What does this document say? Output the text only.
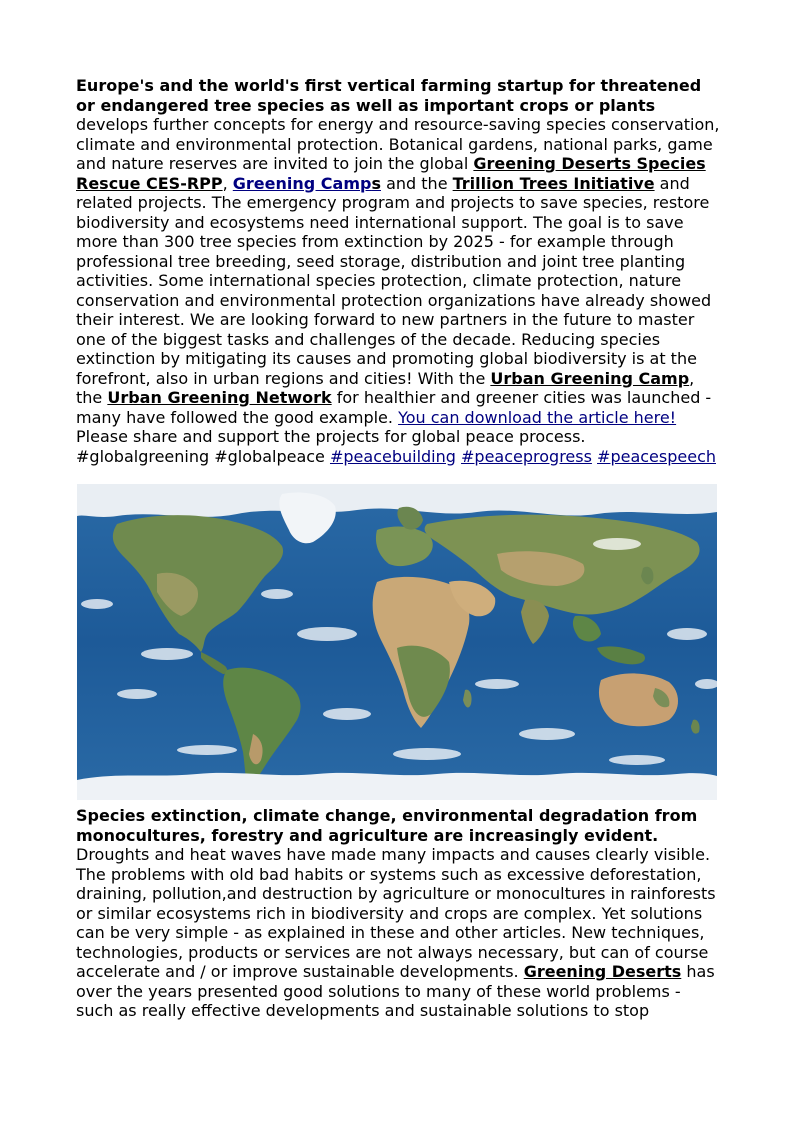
Europe's and the world's first vertical farming startup for threatened or endangered tree species as well as important crops or plants develops further concepts for energy and resource-saving species conservation, climate and environmental protection. Botanical gardens, national parks, game and nature reserves are invited to join the global Greening Deserts Species Rescue CES-RPP, Greening Camps and the Trillion Trees Initiative and related projects. The emergency program and projects to save species, restore biodiversity and ecosystems need international support. The goal is to save more than 300 tree species from extinction by 2025 - for example through professional tree breeding, seed storage, distribution and joint tree planting activities. Some international species protection, climate protection, nature conservation and environmental protection organizations have already showed their interest. We are looking forward to new partners in the future to master one of the biggest tasks and challenges of the decade. Reducing species extinction by mitigating its causes and promoting global biodiversity is at the forefront, also in urban regions and cities! With the Urban Greening Camp, the Urban Greening Network for healthier and greener cities was launched - many have followed the good example. You can download the article here! Please share and support the projects for global peace process. #globalgreening #globalpeace #peacebuilding #peaceprogress #peacespeech

Species extinction, climate change, environmental degradation from monocultures, forestry and agriculture are increasingly evident. Droughts and heat waves have made many impacts and causes clearly visible. The problems with old bad habits or systems such as excessive deforestation, draining, pollution,and destruction by agriculture or monocultures in rainforests or similar ecosystems rich in biodiversity and crops are complex. Yet solutions can be very simple - as explained in these and other articles. New techniques, technologies, products or services are not always necessary, but can of course accelerate and / or improve sustainable developments. Greening Deserts has over the years presented good solutions to many of these world problems - such as really effective developments and sustainable solutions to stop
